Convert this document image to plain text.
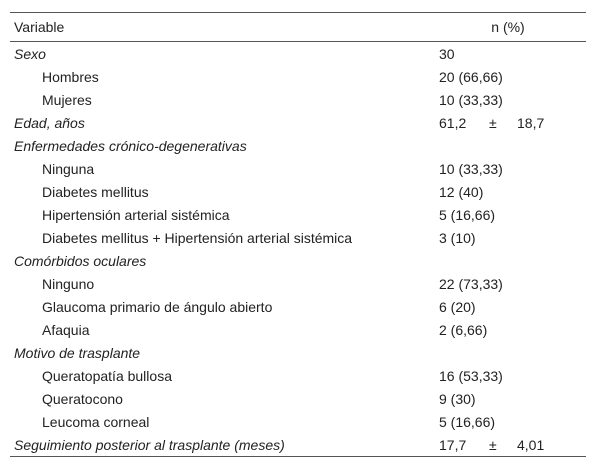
Variable	n (%)
Sexo	30
Hombres	20 (66,66)
Mujeres	10 (33,33)
Edad, años	61,2 ± 18,7
Enfermedades crónico-degenerativas	
Ninguna	10 (33,33)
Diabetes mellitus	12 (40)
Hipertensión arterial sistémica	5 (16,66)
Diabetes mellitus + Hipertensión arterial sistémica	3 (10)
Comórbidos oculares	
Ninguno	22 (73,33)
Glaucoma primario de ángulo abierto	6 (20)
Afaquia	2 (6,66)
Motivo de trasplante	
Queratopatía bullosa	16 (53,33)
Queratocono	9 (30)
Leucoma corneal	5 (16,66)
Seguimiento posterior al trasplante (meses)	17,7 ± 4,01
